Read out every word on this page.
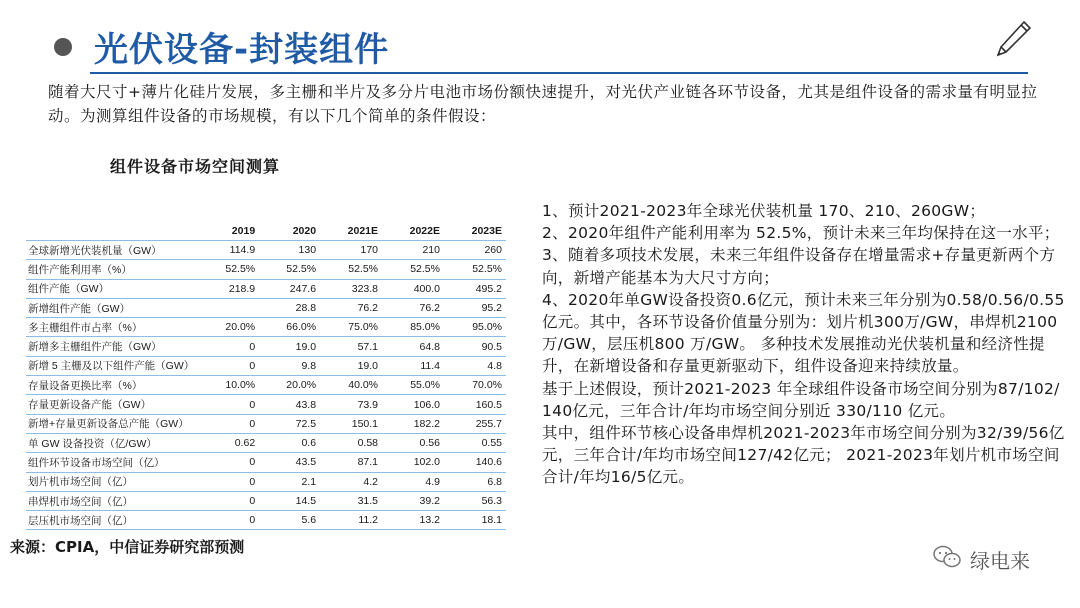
光伏设备-封装组件

随着大尺寸+薄片化硅片发展，多主栅和半片及多分片电池市场份额快速提升，对光伏产业链各环节设备，尤其是组件设备的需求量有明显拉动。为测算组件设备的市场规模，有以下几个简单的条件假设：

组件设备市场空间测算
	2019	2020	2021E	2022E	2023E
全球新增光伏装机量（GW）	114.9	130	170	210	260
组件产能利用率（%）	52.5%	52.5%	52.5%	52.5%	52.5%
组件产能（GW）	218.9	247.6	323.8	400.0	495.2
新增组件产能（GW）		28.8	76.2	76.2	95.2
多主栅组件市占率（%）	20.0%	66.0%	75.0%	85.0%	95.0%
新增多主栅组件产能（GW）	0	19.0	57.1	64.8	90.5
新增 5 主栅及以下组件产能（GW）	0	9.8	19.0	11.4	4.8
存量设备更换比率（%）	10.0%	20.0%	40.0%	55.0%	70.0%
存量更新设备产能（GW）	0	43.8	73.9	106.0	160.5
新增+存量更新设备总产能（GW）	0	72.5	150.1	182.2	255.7
单 GW 设备投资（亿/GW）	0.62	0.6	0.58	0.56	0.55
组件环节设备市场空间（亿）	0	43.5	87.1	102.0	140.6
划片机市场空间（亿）	0	2.1	4.2	4.9	6.8
串焊机市场空间（亿）	0	14.5	31.5	39.2	56.3
层压机市场空间（亿）	0	5.6	11.2	13.2	18.1
来源：CPIA，中信证券研究部预测

1、预计2021-2023年全球光伏装机量 170、210、260GW；

2、2020年组件产能利用率为 52.5%，预计未来三年均保持在这一水平；

3、随着多项技术发展，未来三年组件设备存在增量需求+存量更新两个方向，新增产能基本为大尺寸方向；

4、2020年单GW设备投资0.6亿元，预计未来三年分别为0.58/0.56/0.55 亿元。其中，各环节设备价值量分别为：划片机300万/GW，串焊机2100万/GW，层压机800 万/GW。 多种技术发展推动光伏装机量和经济性提升，在新增设备和存量更新驱动下，组件设备迎来持续放量。

基于上述假设，预计2021-2023 年全球组件设备市场空间分别为87/102/ 140亿元，三年合计/年均市场空间分别近 330/110 亿元。

其中，组件环节核心设备串焊机2021-2023年市场空间分别为32/39/56亿元，三年合计/年均市场空间127/42亿元； 2021-2023年划片机市场空间合计/年均16/5亿元。

绿电来
